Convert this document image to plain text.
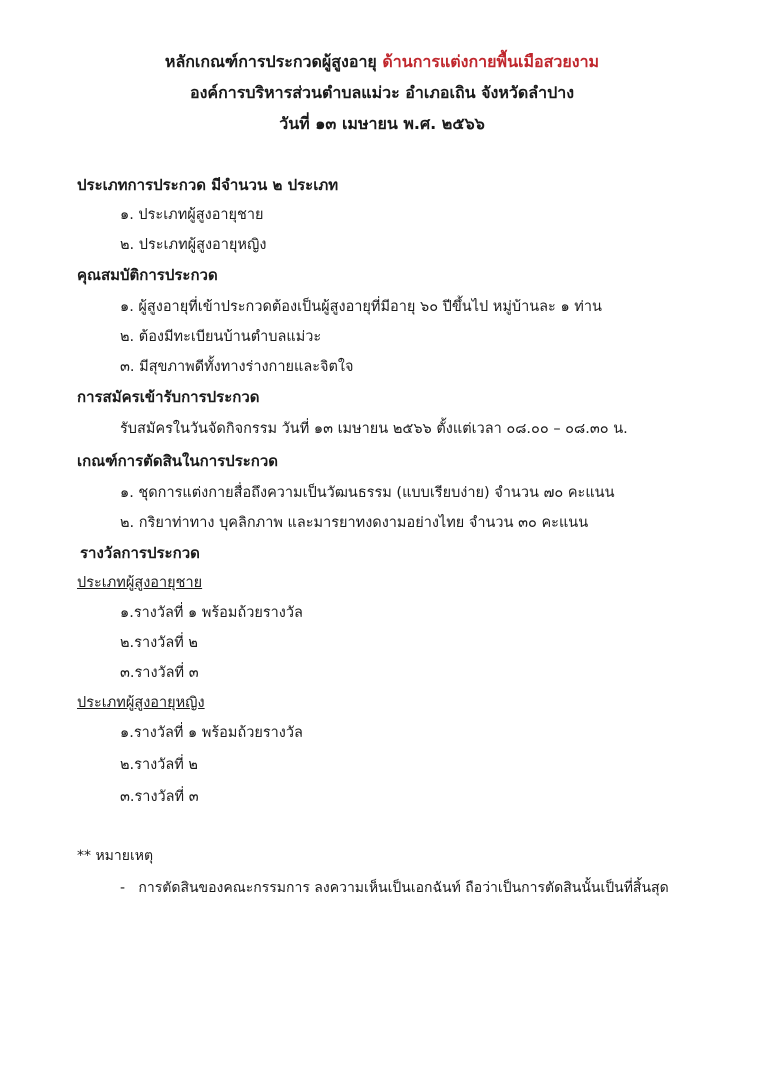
หลักเกณฑ์การประกวดผู้สูงอายุ ด้านการแต่งกายพื้นเมือสวยงาม
องค์การบริหารส่วนตำบลแม่วะ อำเภอเถิน จังหวัดลำปาง
วันที่ ๑๓ เมษายน พ.ศ. ๒๕๖๖
ประเภทการประกวด มีจำนวน ๒ ประเภท
๑. ประเภทผู้สูงอายุชาย
๒. ประเภทผู้สูงอายุหญิง
คุณสมบัติการประกวด
๑. ผู้สูงอายุที่เข้าประกวดต้องเป็นผู้สูงอายุที่มีอายุ ๖๐ ปีขึ้นไป หมู่บ้านละ ๑ ท่าน
๒. ต้องมีทะเบียนบ้านตำบลแม่วะ
๓. มีสุขภาพดีทั้งทางร่างกายและจิตใจ
การสมัครเข้ารับการประกวด
รับสมัครในวันจัดกิจกรรม วันที่ ๑๓ เมษายน ๒๕๖๖ ตั้งแต่เวลา ๐๘.๐๐ – ๐๘.๓๐ น.
เกณฑ์การตัดสินในการประกวด
๑. ชุดการแต่งกายสื่อถึงความเป็นวัฒนธรรม (แบบเรียบง่าย) จำนวน ๗๐ คะแนน
๒. กริยาท่าทาง บุคลิกภาพ และมารยาทงดงามอย่างไทย จำนวน ๓๐ คะแนน
รางวัลการประกวด
ประเภทผู้สูงอายุชาย
๑.รางวัลที่ ๑ พร้อมถ้วยรางวัล
๒.รางวัลที่ ๒
๓.รางวัลที่ ๓
ประเภทผู้สูงอายุหญิง
๑.รางวัลที่ ๑ พร้อมถ้วยรางวัล
๒.รางวัลที่ ๒
๓.รางวัลที่ ๓
** หมายเหตุ
-   การตัดสินของคณะกรรมการ ลงความเห็นเป็นเอกฉันท์ ถือว่าเป็นการตัดสินนั้นเป็นที่สิ้นสุด
